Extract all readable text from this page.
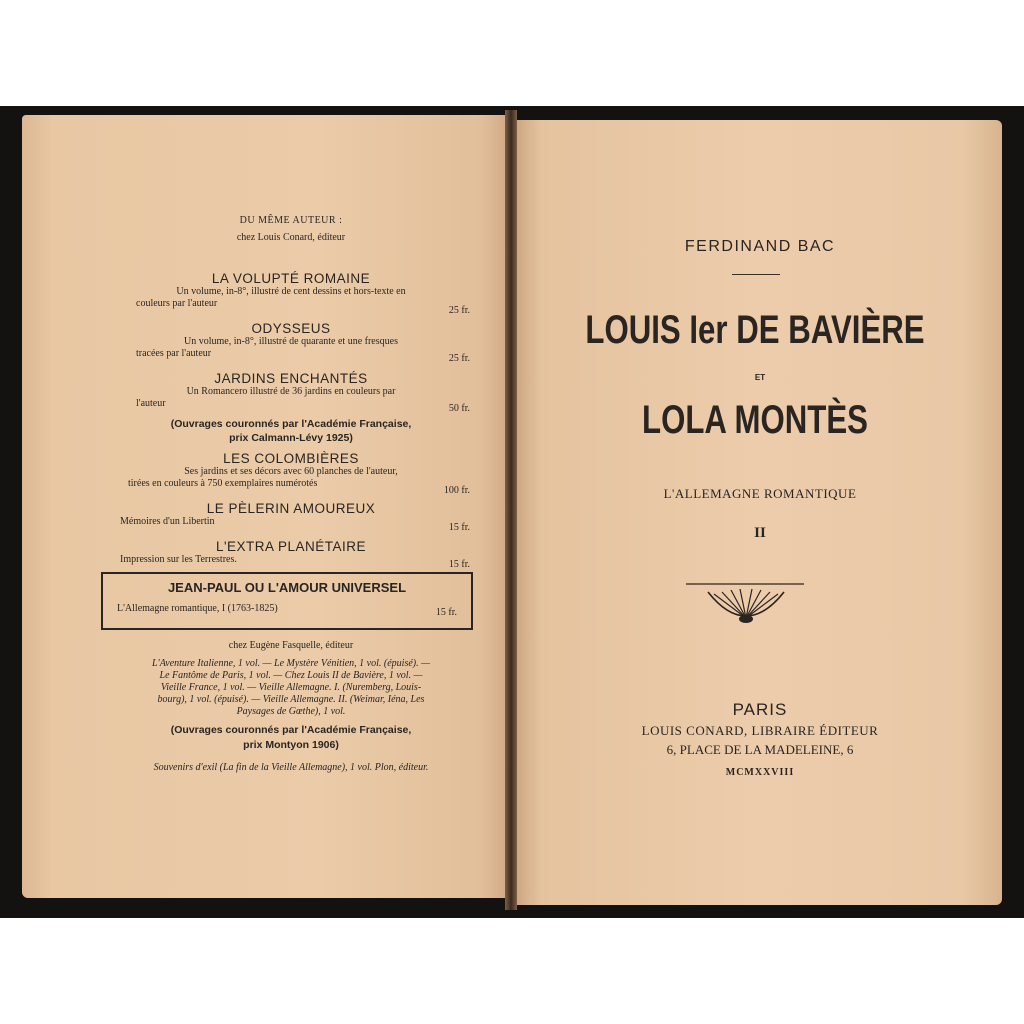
DU MÊME AUTEUR :
chez Louis Conard, éditeur
LA VOLUPTÉ ROMAINE
Un volume, in-8°, illustré de cent dessins et hors-texte en
couleurs par l'auteur
25 fr.
ODYSSEUS
Un volume, in-8°, illustré de quarante et une fresques
tracées par l'auteur	25 fr.
JARDINS ENCHANTÉS
Un Romancero illustré de 36 jardins en couleurs par
l'auteur	50 fr.
(Ouvrages couronnés par l'Académie Française,
prix Calmann-Lévy 1925)
LES COLOMBIÈRES
Ses jardins et ses décors avec 60 planches de l'auteur,
tirées en couleurs à 750 exemplaires numérotés
100 fr.
LE PÈLERIN AMOUREUX
Mémoires d'un Libertin
15 fr.
L'EXTRA PLANÉTAIRE
Impression sur les Terrestres.	15 fr.
JEAN-PAUL OU L'AMOUR UNIVERSEL
L'Allemagne romantique, I (1763-1825)	15 fr.
chez Eugène Fasquelle, éditeur
L'Aventure Italienne, 1 vol. — Le Mystère Vénitien, 1 vol. (épuisé). —
Le Fantôme de Paris, 1 vol. — Chez Louis II de Bavière, 1 vol. —
Vieille France, 1 vol. — Vieille Allemagne. I. (Nuremberg, Louis-
bourg), 1 vol. (épuisé). — Vieille Allemagne. II. (Weimar, Iéna, Les
Paysages de Gœthe), 1 vol.
(Ouvrages couronnés par l'Académie Française,
prix Montyon 1906)
Souvenirs d'exil (La fin de la Vieille Allemagne), 1 vol. Plon, éditeur.
FERDINAND BAC
LOUIS Ier DE BAVIÈRE
ET
LOLA MONTÈS
L'ALLEMAGNE ROMANTIQUE
II
PARIS
LOUIS CONARD, LIBRAIRE ÉDITEUR
6, PLACE DE LA MADELEINE, 6
MCMXXVIII
